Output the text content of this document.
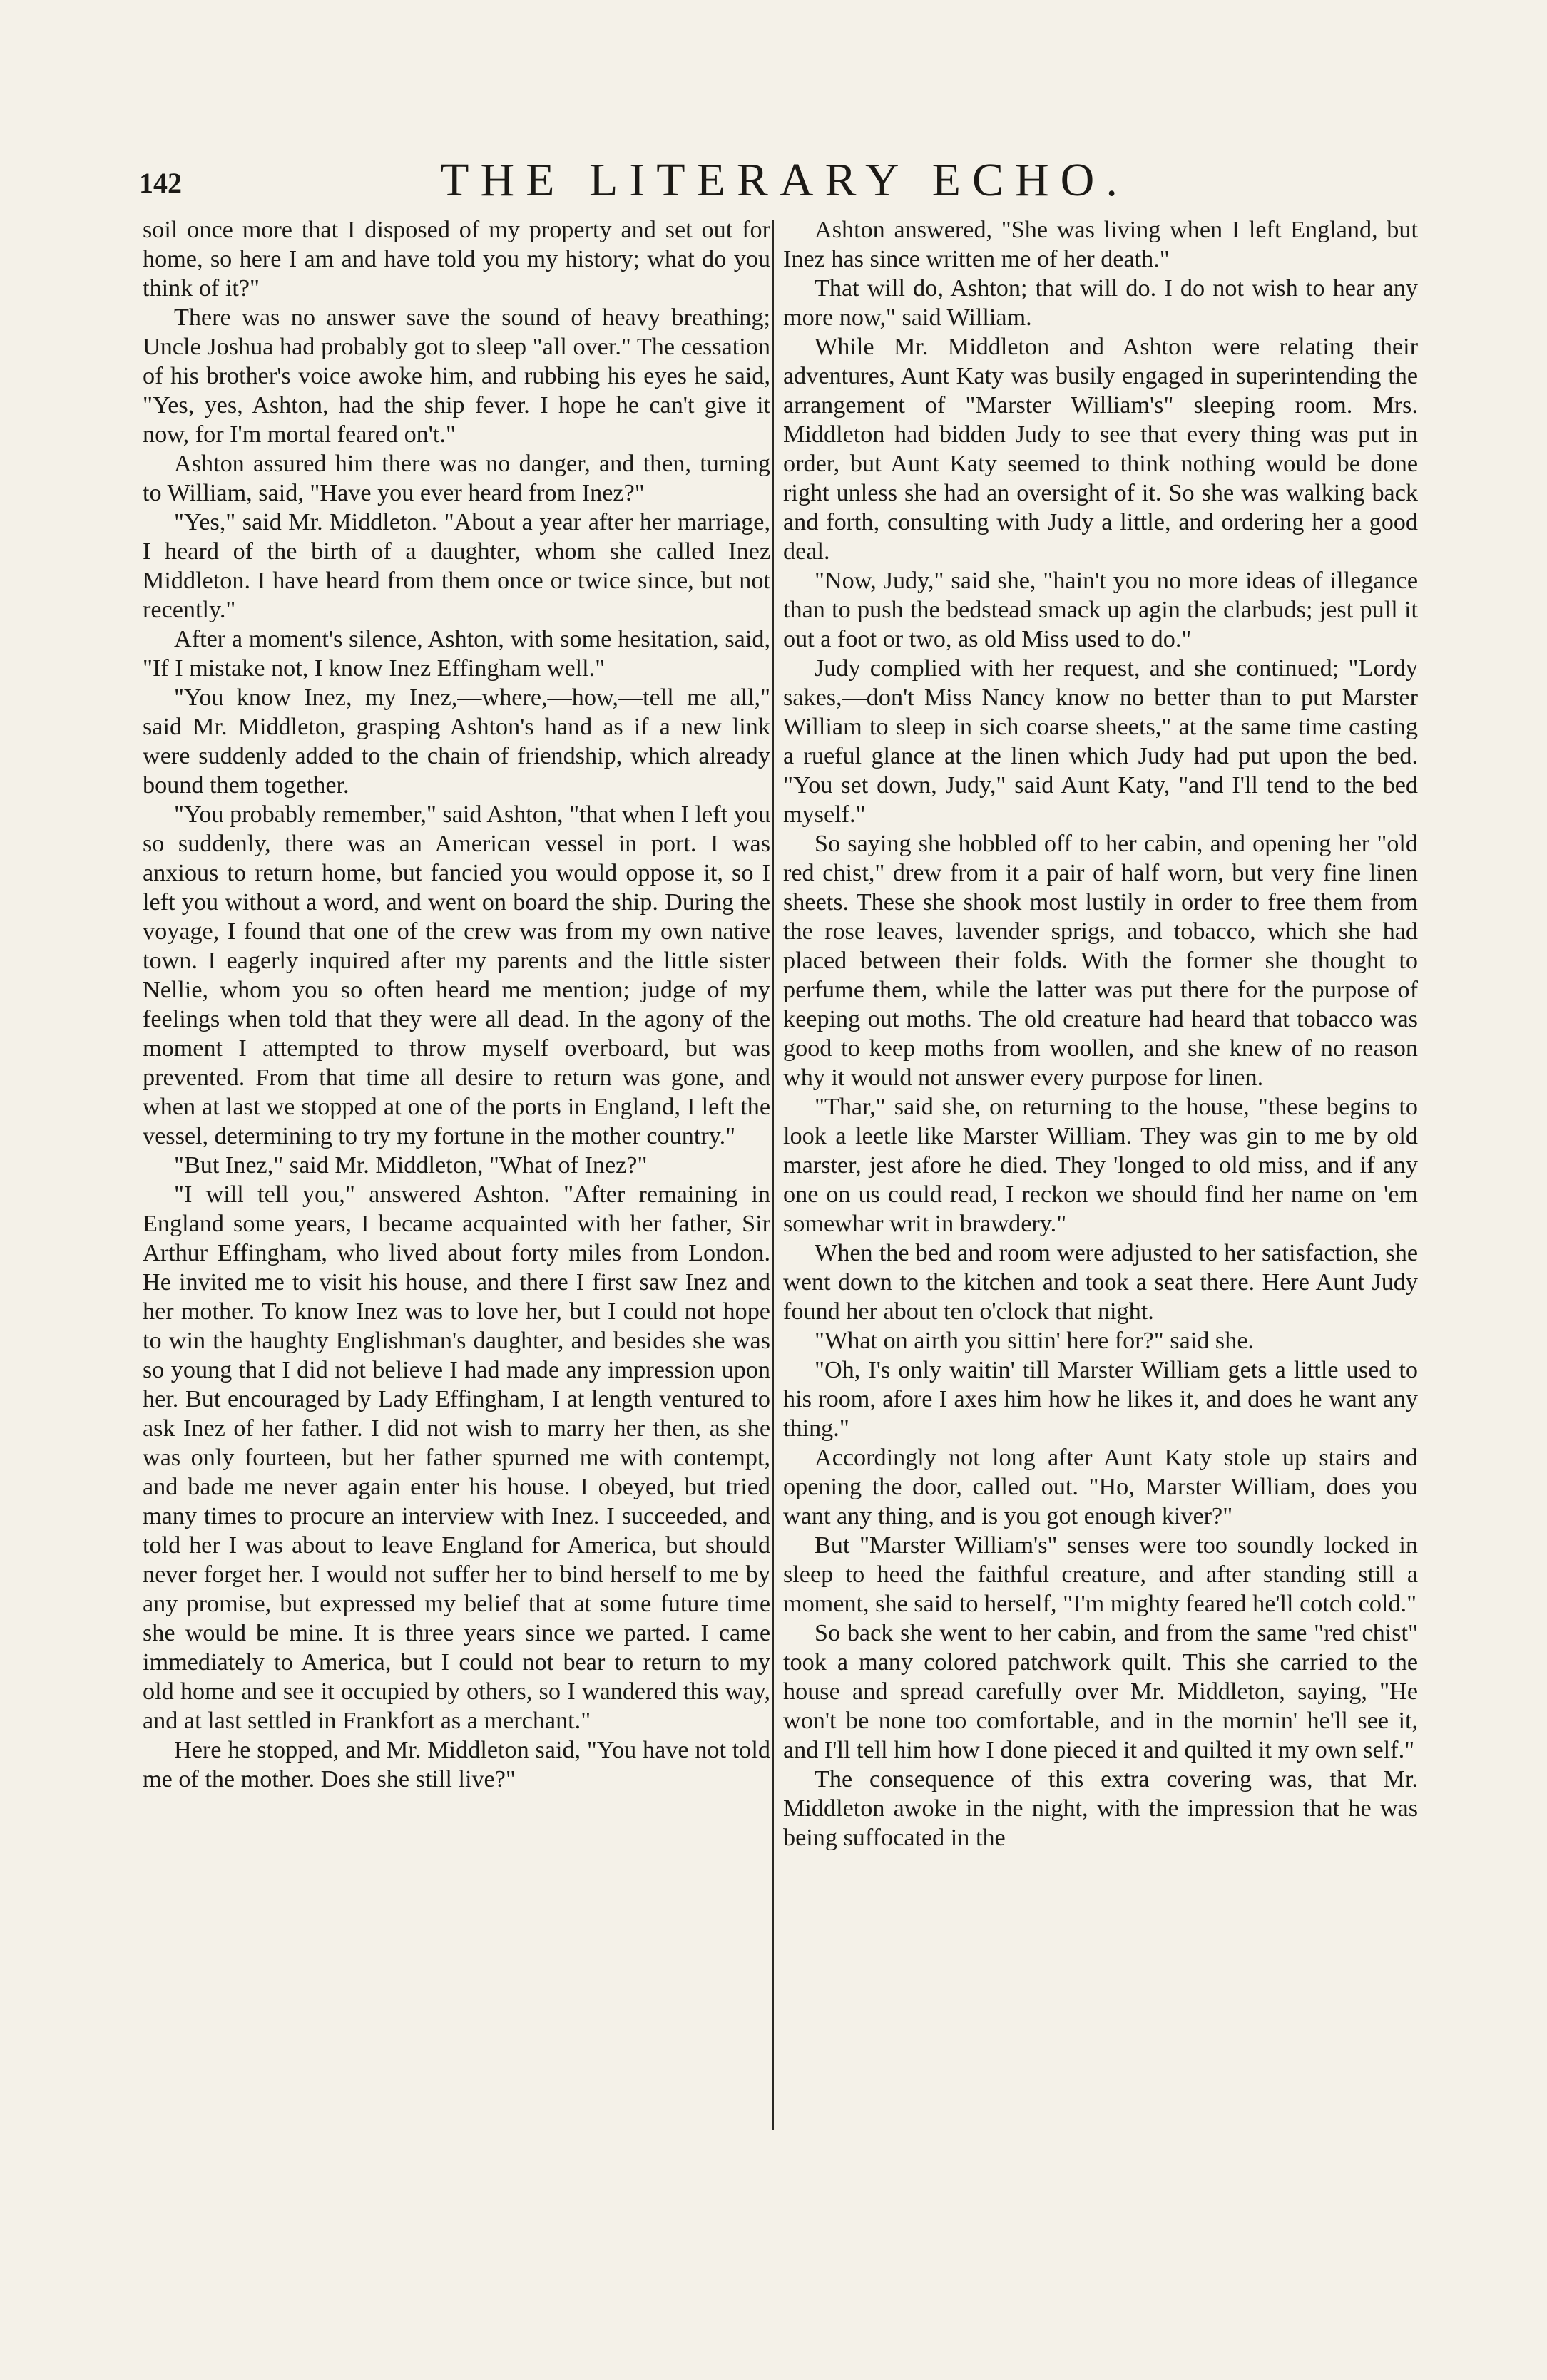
142	THE LITERARY ECHO.

soil once more that I disposed of my property and set out for home, so here I am and have told you my history; what do you think of it?"

There was no answer save the sound of heavy breathing; Uncle Joshua had probably got to sleep "all over." The cessation of his brother's voice awoke him, and rubbing his eyes he said, "Yes, yes, Ashton, had the ship fever. I hope he can't give it now, for I'm mortal feared on't."

Ashton assured him there was no danger, and then, turning to William, said, "Have you ever heard from Inez?"

"Yes," said Mr. Middleton. "About a year after her marriage, I heard of the birth of a daughter, whom she called Inez Middleton. I have heard from them once or twice since, but not recently."

After a moment's silence, Ashton, with some hesitation, said, "If I mistake not, I know Inez Effingham well."

"You know Inez, my Inez,—where,—how,—tell me all," said Mr. Middleton, grasping Ashton's hand as if a new link were suddenly added to the chain of friendship, which already bound them together.

"You probably remember," said Ashton, "that when I left you so suddenly, there was an American vessel in port. I was anxious to return home, but fancied you would oppose it, so I left you without a word, and went on board the ship. During the voyage, I found that one of the crew was from my own native town. I eagerly inquired after my parents and the little sister Nellie, whom you so often heard me mention; judge of my feelings when told that they were all dead. In the agony of the moment I attempted to throw myself overboard, but was prevented. From that time all desire to return was gone, and when at last we stopped at one of the ports in England, I left the vessel, determining to try my fortune in the mother country."

"But Inez," said Mr. Middleton, "What of Inez?"

"I will tell you," answered Ashton. "After remaining in England some years, I became acquainted with her father, Sir Arthur Effingham, who lived about forty miles from London. He invited me to visit his house, and there I first saw Inez and her mother. To know Inez was to love her, but I could not hope to win the haughty Englishman's daughter, and besides she was so young that I did not believe I had made any impression upon her. But encouraged by Lady Effingham, I at length ventured to ask Inez of her father. I did not wish to marry her then, as she was only fourteen, but her father spurned me with contempt, and bade me never again enter his house. I obeyed, but tried many times to procure an interview with Inez. I succeeded, and told her I was about to leave England for America, but should never forget her. I would not suffer her to bind herself to me by any promise, but expressed my belief that at some future time she would be mine. It is three years since we parted. I came immediately to America, but I could not bear to return to my old home and see it occupied by others, so I wandered this way, and at last settled in Frankfort as a merchant."

Here he stopped, and Mr. Middleton said, "You have not told me of the mother. Does she still live?"

Ashton answered, "She was living when I left England, but Inez has since written me of her death."

That will do, Ashton; that will do. I do not wish to hear any more now," said William.

While Mr. Middleton and Ashton were relating their adventures, Aunt Katy was busily engaged in superintending the arrangement of "Marster William's" sleeping room. Mrs. Middleton had bidden Judy to see that every thing was put in order, but Aunt Katy seemed to think nothing would be done right unless she had an oversight of it. So she was walking back and forth, consulting with Judy a little, and ordering her a good deal.

"Now, Judy," said she, "hain't you no more ideas of illegance than to push the bedstead smack up agin the clarbuds; jest pull it out a foot or two, as old Miss used to do."

Judy complied with her request, and she continued; "Lordy sakes,—don't Miss Nancy know no better than to put Marster William to sleep in sich coarse sheets," at the same time casting a rueful glance at the linen which Judy had put upon the bed. "You set down, Judy," said Aunt Katy, "and I'll tend to the bed myself."

So saying she hobbled off to her cabin, and opening her "old red chist," drew from it a pair of half worn, but very fine linen sheets. These she shook most lustily in order to free them from the rose leaves, lavender sprigs, and tobacco, which she had placed between their folds. With the former she thought to perfume them, while the latter was put there for the purpose of keeping out moths. The old creature had heard that tobacco was good to keep moths from woollen, and she knew of no reason why it would not answer every purpose for linen.

"Thar," said she, on returning to the house, "these begins to look a leetle like Marster William. They was gin to me by old marster, jest afore he died. They 'longed to old miss, and if any one on us could read, I reckon we should find her name on 'em somewhar writ in brawdery."

When the bed and room were adjusted to her satisfaction, she went down to the kitchen and took a seat there. Here Aunt Judy found her about ten o'clock that night.

"What on airth you sittin' here for?" said she.

"Oh, I's only waitin' till Marster William gets a little used to his room, afore I axes him how he likes it, and does he want any thing."

Accordingly not long after Aunt Katy stole up stairs and opening the door, called out. "Ho, Marster William, does you want any thing, and is you got enough kiver?"

But "Marster William's" senses were too soundly locked in sleep to heed the faithful creature, and after standing still a moment, she said to herself, "I'm mighty feared he'll cotch cold."

So back she went to her cabin, and from the same "red chist" took a many colored patchwork quilt. This she carried to the house and spread carefully over Mr. Middleton, saying, "He won't be none too comfortable, and in the mornin' he'll see it, and I'll tell him how I done pieced it and quilted it my own self."

The consequence of this extra covering was, that Mr. Middleton awoke in the night, with the impression that he was being suffocated in the
